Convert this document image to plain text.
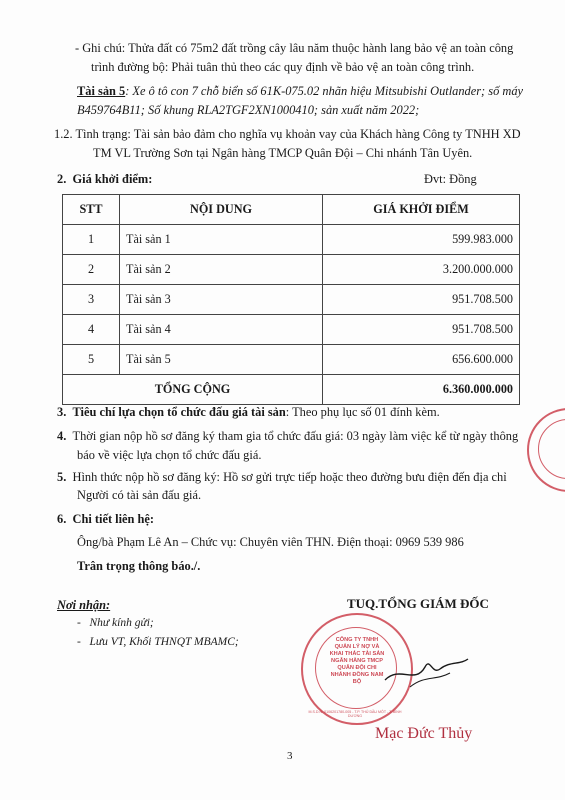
- Ghi chú: Thửa đất có 75m2 đất trồng cây lâu năm thuộc hành lang bảo vệ an toàn công
trình đường bộ: Phải tuân thủ theo các quy định về bảo vệ an toàn công trình.
Tài sản 5: Xe ô tô con 7 chỗ biển số 61K-075.02 nhãn hiệu Mitsubishi Outlander; số máy
B459764B11; Số khung RLA2TGF2XN1000410; sản xuất năm 2022;
1.2. Tình trạng: Tài sản bảo đảm cho nghĩa vụ khoản vay của Khách hàng Công ty TNHH XD
TM VL Trường Sơn tại Ngân hàng TMCP Quân Đội – Chi nhánh Tân Uyên.
2. Giá khởi điểm:	Đvt: Đồng
STT	NỘI DUNG	GIÁ KHỞI ĐIỂM
1	Tài sản 1	599.983.000
2	Tài sản 2	3.200.000.000
3	Tài sản 3	951.708.500
4	Tài sản 4	951.708.500
5	Tài sản 5	656.600.000
TỔNG CỘNG		6.360.000.000
3. Tiêu chí lựa chọn tổ chức đấu giá tài sản: Theo phụ lục số 01 đính kèm.
4. Thời gian nộp hồ sơ đăng ký tham gia tổ chức đấu giá: 03 ngày làm việc kể từ ngày thông
báo về việc lựa chọn tổ chức đấu giá.
5. Hình thức nộp hồ sơ đăng ký: Hồ sơ gửi trực tiếp hoặc theo đường bưu điện đến địa chỉ
Người có tài sản đấu giá.
6. Chi tiết liên hệ:
Ông/bà Phạm Lê An – Chức vụ: Chuyên viên THN. Điện thoại: 0969 539 986
Trân trọng thông báo./.
Nơi nhận:
-   Như kính gửi;
-   Lưu VT, Khối THNQT MBAMC;
TUQ.TỔNG GIÁM ĐỐC
CÔNG TY TNHH QUẢN LÝ NỢ VÀ KHAI THÁC TÀI SẢN NGÂN HÀNG TMCP QUÂN ĐỘI CHI NHÁNH ĐỒNG NAM BỘ
M.S.D.N: 0106201780-005 - T.P. THỦ DẦU MỘT - T. BÌNH DƯƠNG
Mạc Đức Thủy
3
